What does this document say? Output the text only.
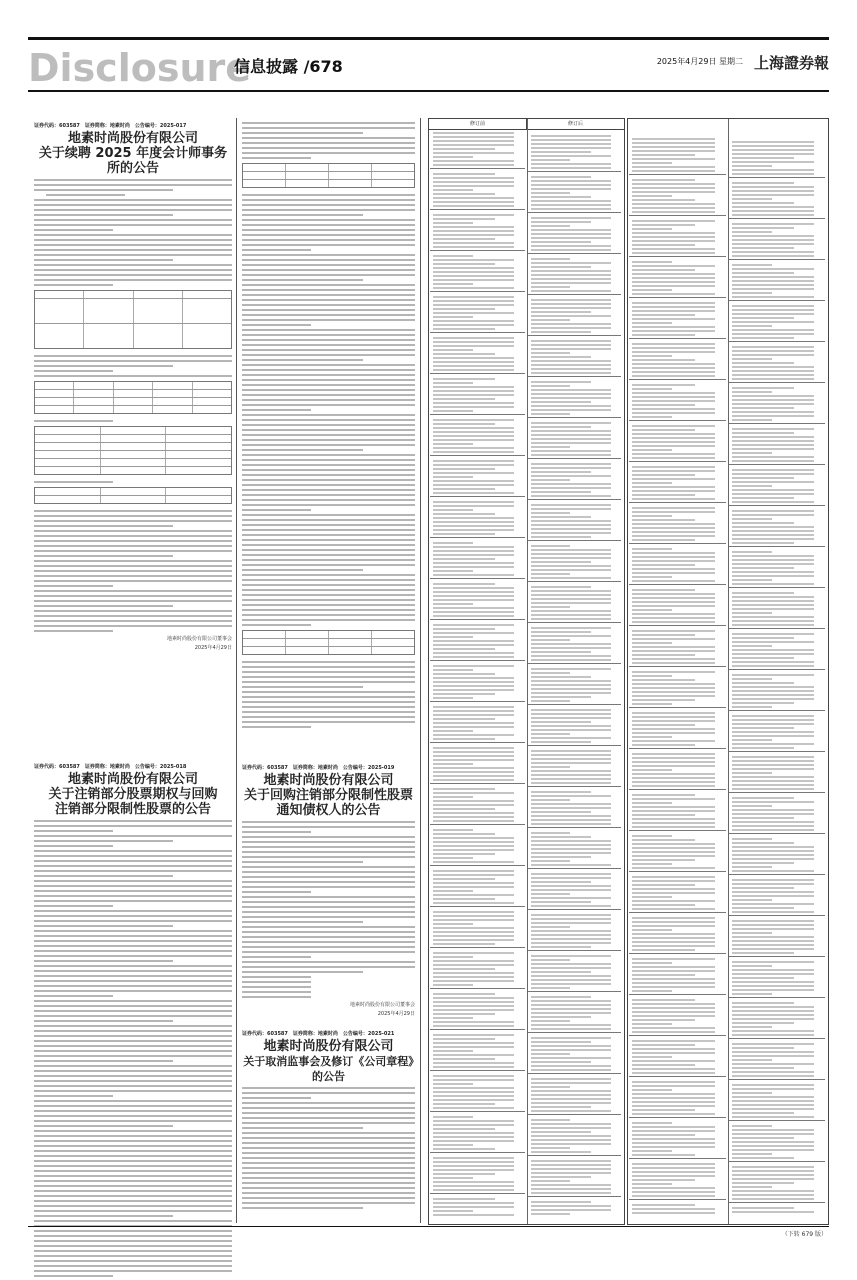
Disclosure
信息披露 /678	2025年4月29日 星期二 上海證券報
证券代码：603587　证券简称：地素时尚　公告编号：2025-017
地素时尚股份有限公司
关于续聘 2025 年度会计师事务所的公告
地素时尚股份有限公司董事会
2025年4月29日
证券代码：603587　证券简称：地素时尚　公告编号：2025-018
地素时尚股份有限公司
关于注销部分股票期权与回购
注销部分限制性股票的公告
证券代码：603587　证券简称：地素时尚　公告编号：2025-019
地素时尚股份有限公司
关于回购注销部分限制性股票
通知债权人的公告
地素时尚股份有限公司董事会
2025年4月29日
证券代码：603587　证券简称：地素时尚　公告编号：2025-021
地素时尚股份有限公司
关于取消监事会及修订《公司章程》的公告
修订前	修订后
（下转 679 版）
